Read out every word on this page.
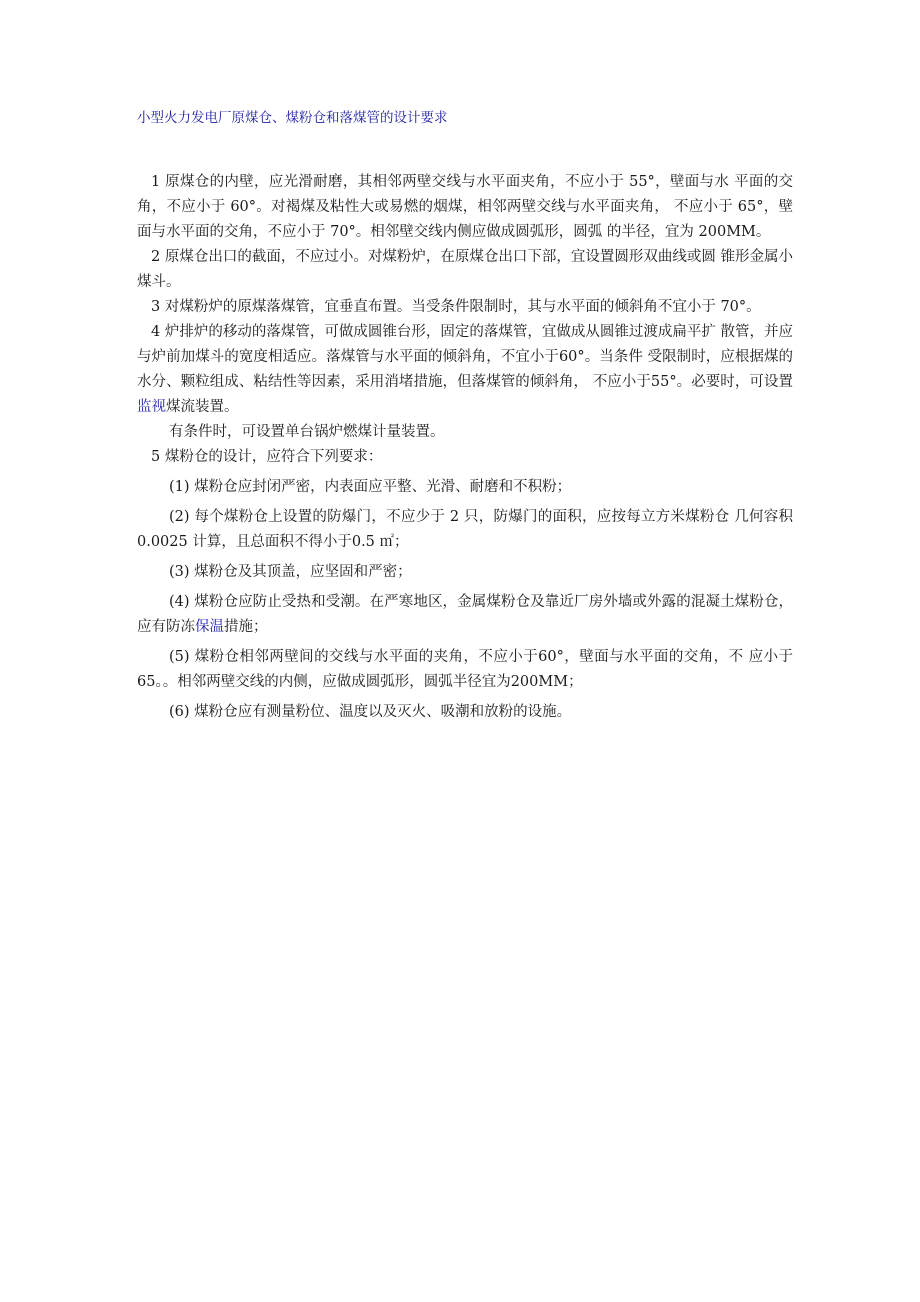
小型火力发电厂原煤仓、煤粉仓和落煤管的设计要求

1 原煤仓的内壁，应光滑耐磨，其相邻两壁交线与水平面夹角，不应小于 55°，壁面与水 平面的交角，不应小于 60°。对褐煤及粘性大或易燃的烟煤，相邻两壁交线与水平面夹角， 不应小于 65°，壁面与水平面的交角，不应小于 70°。相邻壁交线内侧应做成圆弧形，圆弧 的半径，宜为 200MM。

2 原煤仓出口的截面，不应过小。对煤粉炉，在原煤仓出口下部，宜设置圆形双曲线或圆 锥形金属小煤斗。

3 对煤粉炉的原煤落煤管，宜垂直布置。当受条件限制时，其与水平面的倾斜角不宜小于 70°。

4 炉排炉的移动的落煤管，可做成圆锥台形，固定的落煤管，宜做成从圆锥过渡成扁平扩 散管，并应与炉前加煤斗的宽度相适应。落煤管与水平面的倾斜角，不宜小于60°。当条件 受限制时，应根据煤的水分、颗粒组成、粘结性等因素，采用消堵措施，但落煤管的倾斜角， 不应小于55°。必要时，可设置监视煤流装置。

有条件时，可设置单台锅炉燃煤计量装置。

5 煤粉仓的设计，应符合下列要求：

(1) 煤粉仓应封闭严密，内表面应平整、光滑、耐磨和不积粉；

(2) 每个煤粉仓上设置的防爆门，不应少于 2 只，防爆门的面积，应按每立方米煤粉仓 几何容积0.0025 计算，且总面积不得小于0.5 ㎡；

(3) 煤粉仓及其顶盖，应坚固和严密；

(4) 煤粉仓应防止受热和受潮。在严寒地区，金属煤粉仓及靠近厂房外墙或外露的混凝土煤粉仓，应有防冻保温措施；

(5) 煤粉仓相邻两壁间的交线与水平面的夹角，不应小于60°，壁面与水平面的交角，不 应小于65。。相邻两壁交线的内侧，应做成圆弧形，圆弧半径宜为200MM；

(6) 煤粉仓应有测量粉位、温度以及灭火、吸潮和放粉的设施。
